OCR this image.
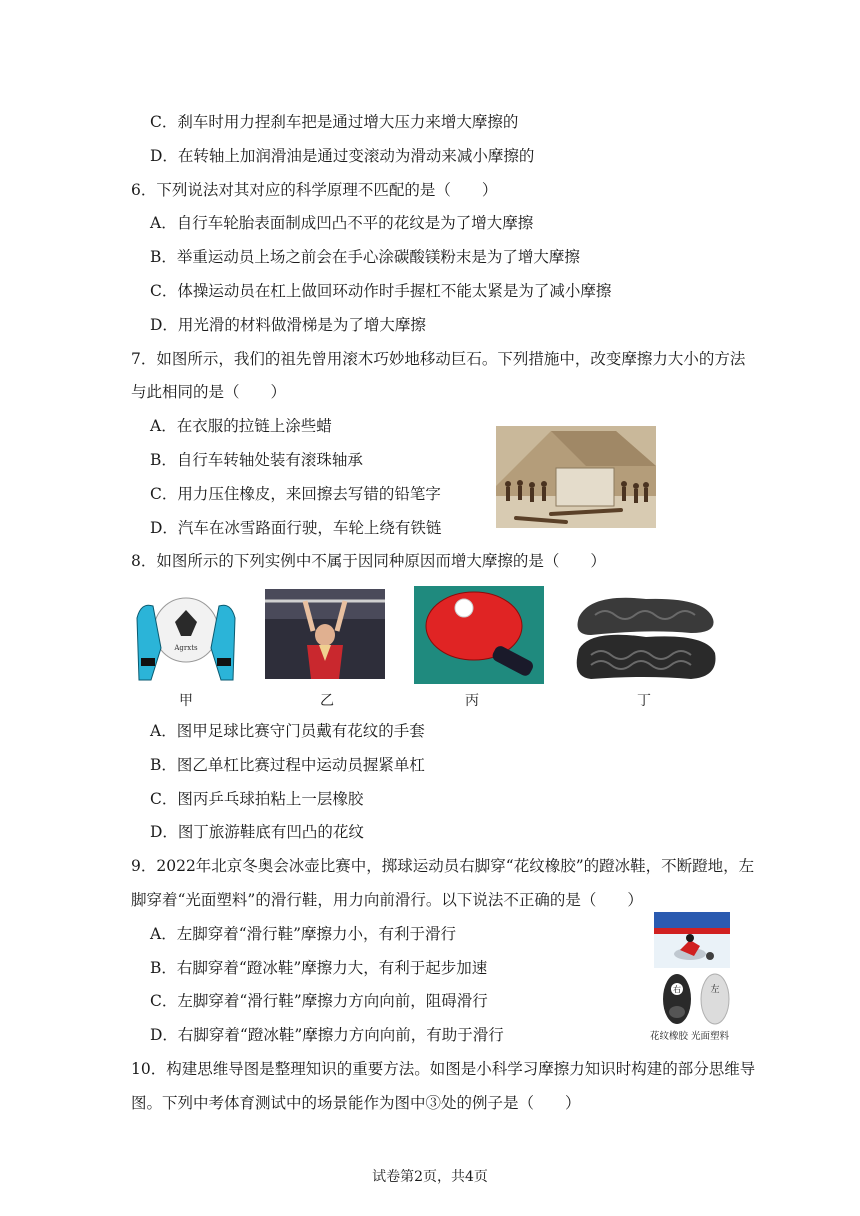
C．刹车时用力捏刹车把是通过增大压力来增大摩擦的
D．在转轴上加润滑油是通过变滚动为滑动来减小摩擦的
6．下列说法对其对应的科学原理不匹配的是（　　）
A．自行车轮胎表面制成凹凸不平的花纹是为了增大摩擦
B．举重运动员上场之前会在手心涂碳酸镁粉末是为了增大摩擦
C．体操运动员在杠上做回环动作时手握杠不能太紧是为了减小摩擦
D．用光滑的材料做滑梯是为了增大摩擦
7．如图所示，我们的祖先曾用滚木巧妙地移动巨石。下列措施中，改变摩擦力大小的方法
与此相同的是（　　）
A．在衣服的拉链上涂些蜡
B．自行车转轴处装有滚珠轴承
C．用力压住橡皮，来回擦去写错的铅笔字
D．汽车在冰雪路面行驶，车轮上绕有铁链
8．如图所示的下列实例中不属于因同种原因而增大摩擦的是（　　）
Agrxts
甲	乙	丙	丁
A．图甲足球比赛守门员戴有花纹的手套
B．图乙单杠比赛过程中运动员握紧单杠
C．图丙乒乓球拍粘上一层橡胶
D．图丁旅游鞋底有凹凸的花纹
9．2022年北京冬奥会冰壶比赛中，掷球运动员右脚穿“花纹橡胶”的蹬冰鞋，不断蹬地，左
脚穿着“光面塑料”的滑行鞋，用力向前滑行。以下说法不正确的是（　　）
A．左脚穿着“滑行鞋”摩擦力小，有利于滑行
B．右脚穿着“蹬冰鞋”摩擦力大，有利于起步加速
C．左脚穿着“滑行鞋”摩擦力方向向前，阻碍滑行
D．右脚穿着“蹬冰鞋”摩擦力方向向前，有助于滑行
右	左
花纹橡胶 光面塑料
10．构建思维导图是整理知识的重要方法。如图是小科学习摩擦力知识时构建的部分思维导
图。下列中考体育测试中的场景能作为图中③处的例子是（　　）
试卷第2页，共4页
